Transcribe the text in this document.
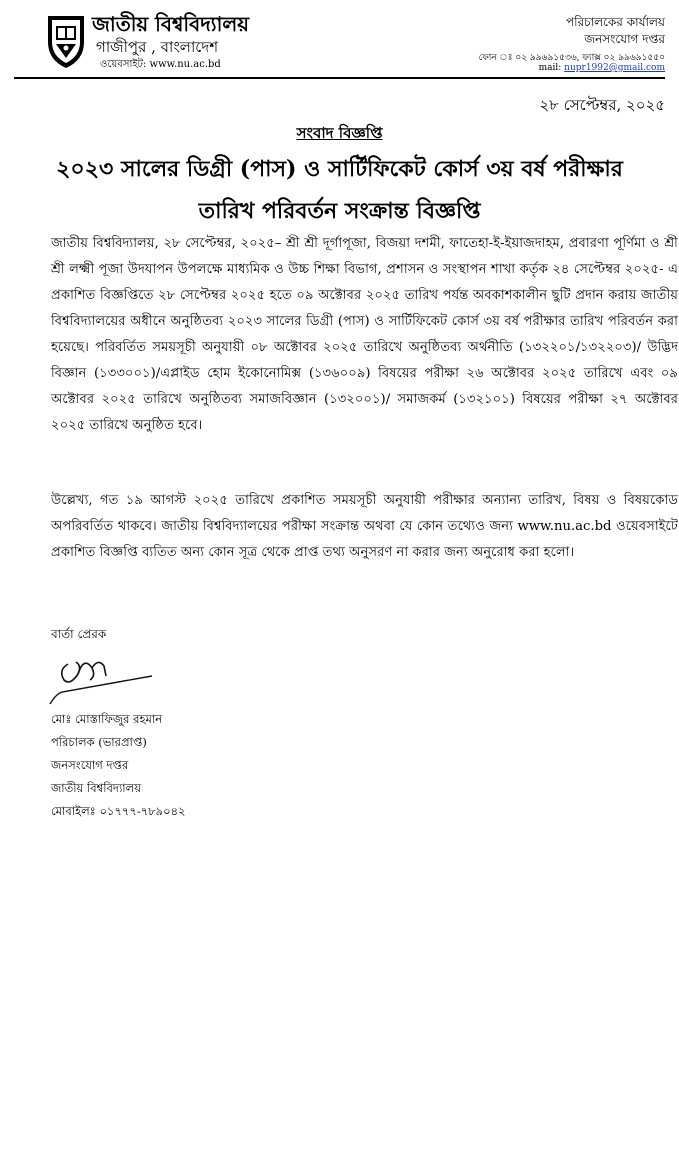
জাতীয় বিশ্ববিদ্যালয়
গাজীপুর , বাংলাদেশ
ওয়েবসাইট: www.nu.ac.bd
পরিচালকের কার্যালয়
জনসংযোগ দপ্তর
ফোন ঃ ০২ ৯৯৬৯১৫৩৬, ফ্যাক্স ০২ ৯৯৬৯১৫৫০
mail: nupr1992@gmail.com
২৮ সেপ্টেম্বর, ২০২৫
সংবাদ বিজ্ঞপ্তি
২০২৩ সালের ডিগ্রী (পাস) ও সার্টিফিকেট কোর্স ৩য় বর্ষ পরীক্ষার
তারিখ পরিবর্তন সংক্রান্ত বিজ্ঞপ্তি
জাতীয় বিশ্ববিদ্যালয়, ২৮ সেপ্টেম্বর, ২০২৫– শ্রী শ্রী দূর্গাপূজা, বিজয়া দশমী, ফাতেহা-ই-ইয়াজদাহম, প্রবারণা পূর্ণিমা ও শ্রী শ্রী লক্ষ্মী পূজা উদযাপন উপলক্ষে মাধ্যমিক ও উচ্চ শিক্ষা বিভাগ, প্রশাসন ও সংস্থাপন শাখা কর্তৃক ২৪ সেপ্টেম্বর ২০২৫- এ প্রকাশিত বিজ্ঞপ্তিতে ২৮ সেপ্টেম্বর ২০২৫ হতে ০৯ অক্টোবর ২০২৫ তারিখ পর্যন্ত অবকাশকালীন ছুটি প্রদান করায় জাতীয় বিশ্ববিদ্যালয়ের অধীনে অনুষ্ঠিতব্য ২০২৩ সালের ডিগ্রী (পাস) ও সার্টিফিকেট কোর্স ৩য় বর্ষ পরীক্ষার তারিখ পরিবর্তন করা হয়েছে। পরিবর্তিত সময়সূচী অনুযায়ী ০৮ অক্টোবর ২০২৫ তারিখে অনুষ্ঠিতব্য অর্থনীতি (১৩২২০১/১৩২২০৩)/ উদ্ভিদ বিজ্ঞান (১৩৩০০১)/এপ্লাইড হোম ইকোনোমিক্স (১৩৬০০৯) বিষয়ের পরীক্ষা ২৬ অক্টোবর ২০২৫ তারিখে এবং ০৯ অক্টোবর ২০২৫ তারিখে অনুষ্ঠিতব্য সমাজবিজ্ঞান (১৩২০০১)/ সমাজকর্ম (১৩২১০১) বিষয়ের পরীক্ষা ২৭ অক্টোবর ২০২৫ তারিখে অনুষ্ঠিত হবে।
উল্লেখ্য, গত ১৯ আগস্ট ২০২৫ তারিখে প্রকাশিত সময়সূচী অনুযায়ী পরীক্ষার অন্যান্য তারিখ, বিষয় ও বিষয়কোড অপরিবর্তিত থাকবে। জাতীয় বিশ্ববিদ্যালয়ের পরীক্ষা সংক্রান্ত অথবা যে কোন তথ্যেও জন্য www.nu.ac.bd ওয়েবসাইটে প্রকাশিত বিজ্ঞপ্তি ব্যতিত অন্য কোন সূত্র থেকে প্রাপ্ত তথ্য অনুসরণ না করার জন্য অনুরোধ করা হলো।
বার্তা প্রেরক
মোঃ মোস্তাফিজুর রহমান
পরিচালক (ভারপ্রাপ্ত)
জনসংযোগ দপ্তর
জাতীয় বিশ্ববিদ্যালয়
মোবাইলঃ ০১৭৭৭-৭৮৯০৪২
